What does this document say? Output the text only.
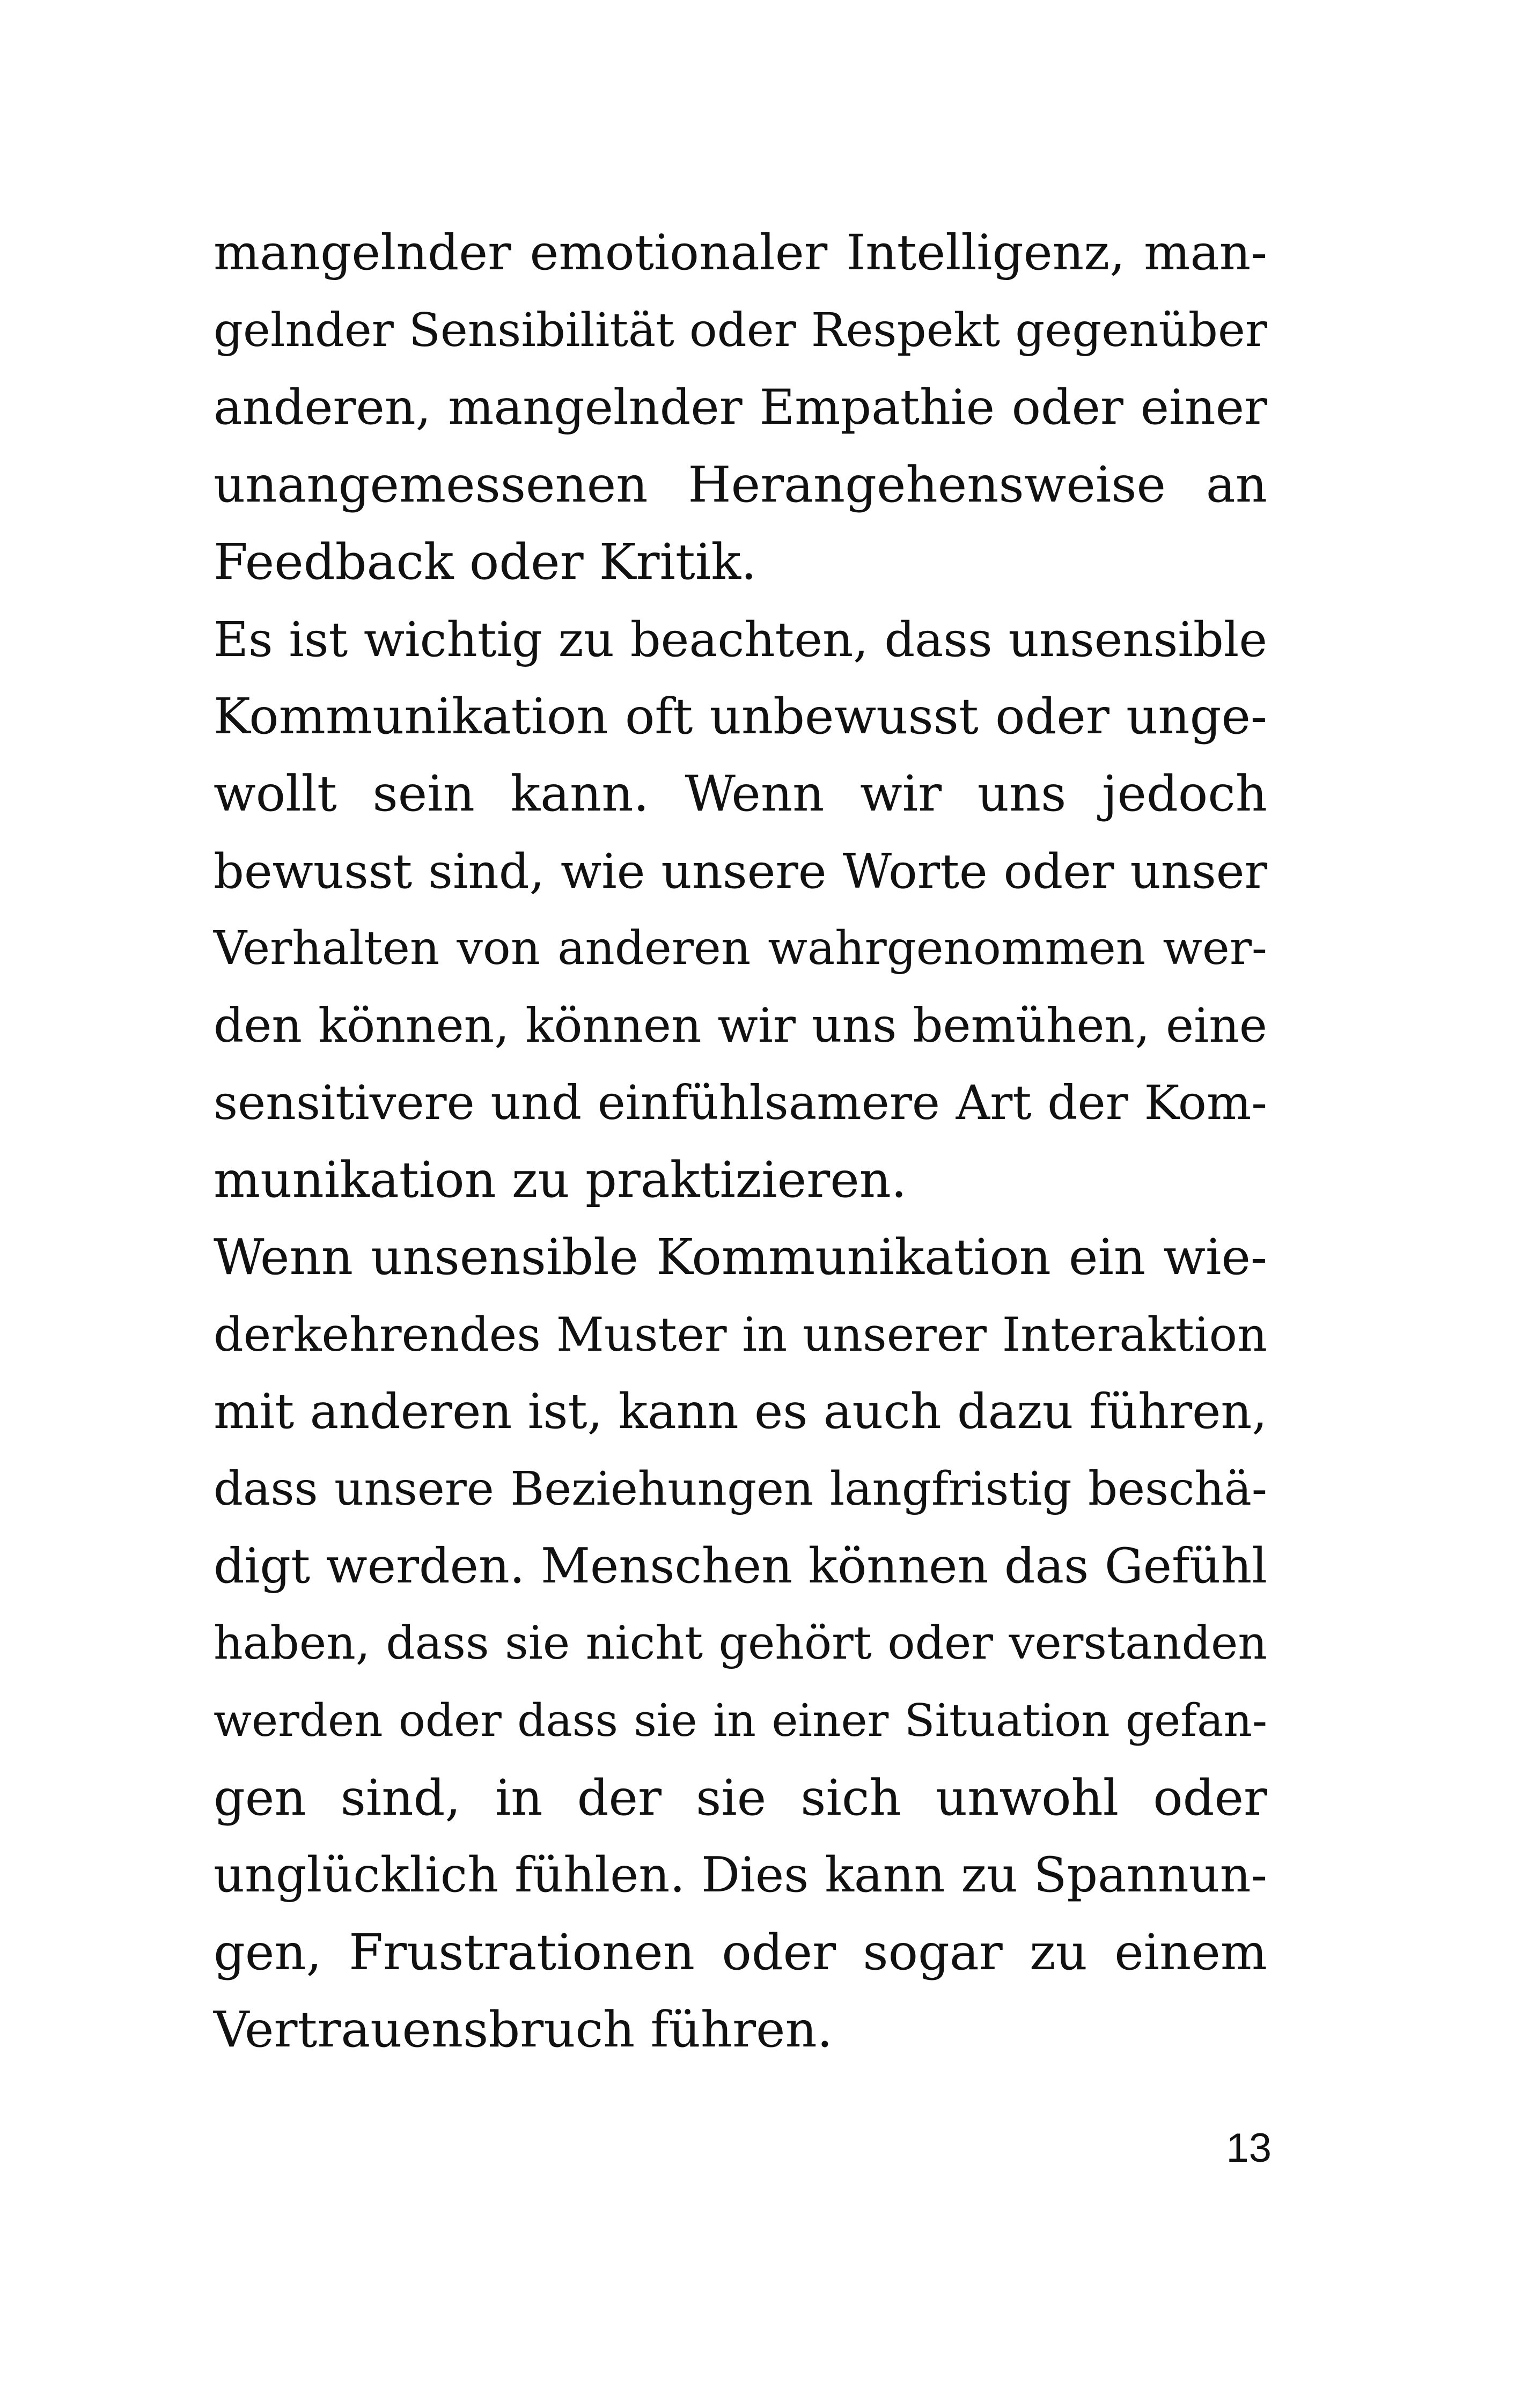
mangelnder emotionaler Intelligenz, man-
gelnder Sensibilität oder Respekt gegenüber
anderen, mangelnder Empathie oder einer
unangemessenen Herangehensweise an
Feedback oder Kritik.
Es ist wichtig zu beachten, dass unsensible
Kommunikation oft unbewusst oder unge-
wollt sein kann. Wenn wir uns jedoch
bewusst sind, wie unsere Worte oder unser
Verhalten von anderen wahrgenommen wer-
den können, können wir uns bemühen, eine
sensitivere und einfühlsamere Art der Kom-
munikation zu praktizieren.
Wenn unsensible Kommunikation ein wie-
derkehrendes Muster in unserer Interaktion
mit anderen ist, kann es auch dazu führen,
dass unsere Beziehungen langfristig beschä-
digt werden. Menschen können das Gefühl
haben, dass sie nicht gehört oder verstanden
werden oder dass sie in einer Situation gefan-
gen sind, in der sie sich unwohl oder
unglücklich fühlen. Dies kann zu Spannun-
gen, Frustrationen oder sogar zu einem
Vertrauensbruch führen.
13
